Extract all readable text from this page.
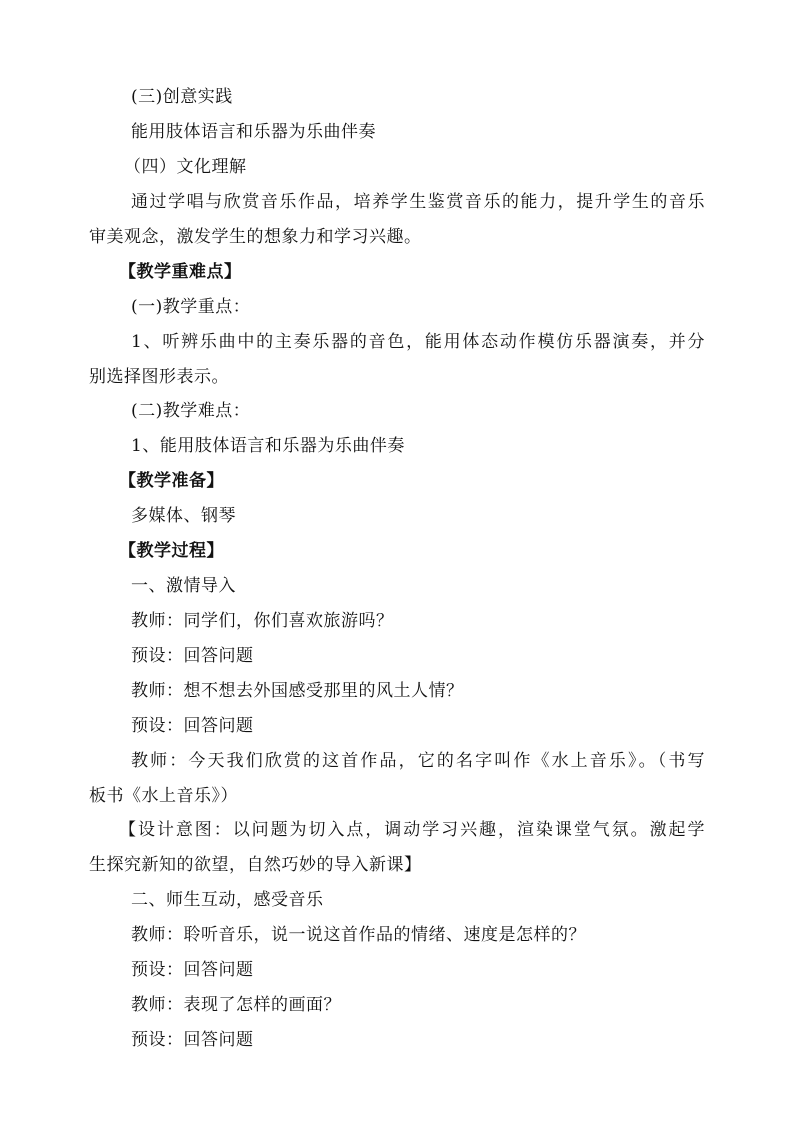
(三)创意实践
能用肢体语言和乐器为乐曲伴奏
（四）文化理解
通过学唱与欣赏音乐作品，培养学生鉴赏音乐的能力，提升学生的音乐
审美观念，激发学生的想象力和学习兴趣。
【教学重难点】
(一)教学重点：
1、听辨乐曲中的主奏乐器的音色，能用体态动作模仿乐器演奏，并分
别选择图形表示。
(二)教学难点：
1、能用肢体语言和乐器为乐曲伴奏
【教学准备】
多媒体、钢琴
【教学过程】
一、激情导入
教师：同学们，你们喜欢旅游吗？
预设：回答问题
教师：想不想去外国感受那里的风土人情？
预设：回答问题
教师：今天我们欣赏的这首作品，它的名字叫作《水上音乐》。（书写
板书《水上音乐》）
【设计意图：以问题为切入点，调动学习兴趣，渲染课堂气氛。激起学
生探究新知的欲望，自然巧妙的导入新课】
二、师生互动，感受音乐
教师：聆听音乐，说一说这首作品的情绪、速度是怎样的？
预设：回答问题
教师：表现了怎样的画面？
预设：回答问题
